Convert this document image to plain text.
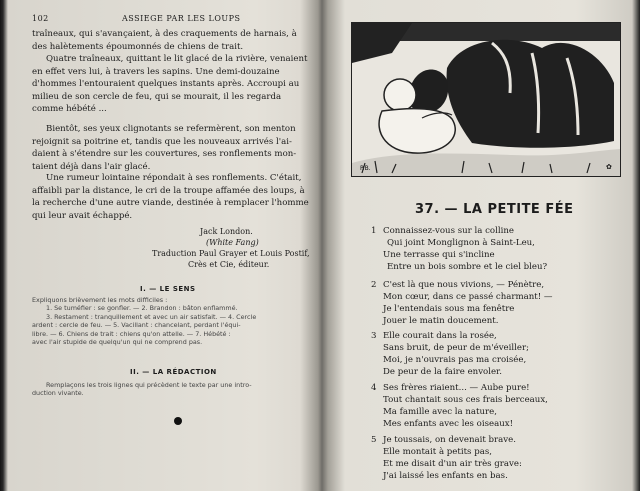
102	ASSIEGE PAR LES LOUPS
traîneaux, qui s'avançaient, à des craquements de harnais, à
des halètements époumonnés de chiens de trait.
Quatre traîneaux, quittant le lit glacé de la rivière, venaient
en effet vers lui, à travers les sapins. Une demi-douzaine
d'hommes l'entouraient quelques instants après. Accroupi au
milieu de son cercle de feu, qui se mourait, il les regarda
comme hébété ...
Bientôt, ses yeux clignotants se refermèrent, son menton
rejoignit sa poitrine et, tandis que les nouveaux arrivés l'ai-
daient à s'étendre sur les couvertures, ses ronflements mon-
taient déjà dans l'air glacé.
Une rumeur lointaine répondait à ses ronflements. C'était,
affaibli par la distance, le cri de la troupe affamée des loups, à
la recherche d'une autre viande, destinée à remplacer l'homme
qui leur avait échappé.
Jack London.
(White Fang)
Traduction Paul Grayer et Louis Postif,
Crès et Cie, éditeur.
I. — LE SENS
Expliquons brièvement les mots difficiles :
1. Se tuméfier : se gonfler. — 2. Brandon : bâton enflammé.
3. Restament : tranquillement et avec un air satisfait. — 4. Cercle
ardent : cercle de feu. — 5. Vacillant : chancelant, perdant l'équi-
libre. — 6. Chiens de trait : chiens qu'on attelle. — 7. Hébété :
avec l'air stupide de quelqu'un qui ne comprend pas.
II. — LA RÉDACTION
Remplaçons les trois lignes qui précèdent le texte par une intro-
duction vivante.
P.B.	✿
37. — LA PETITE FÉE
1 Connaissez-vous sur la colline
Qui joint Monglignon à Saint-Leu,
Une terrasse qui s'incline
Entre un bois sombre et le ciel bleu?
2 C'est là que nous vivions, — Pénètre,
Mon cœur, dans ce passé charmant! —
Je l'entendais sous ma fenêtre
Jouer le matin doucement.
3 Elle courait dans la rosée,
Sans bruit, de peur de m'éveiller;
Moi, je n'ouvrais pas ma croisée,
De peur de la faire envoler.
4 Ses frères riaient... — Aube pure!
Tout chantait sous ces frais berceaux,
Ma famille avec la nature,
Mes enfants avec les oiseaux!
5 Je toussais, on devenait brave.
Elle montait à petits pas,
Et me disait d'un air très grave:
J'ai laissé les enfants en bas.
